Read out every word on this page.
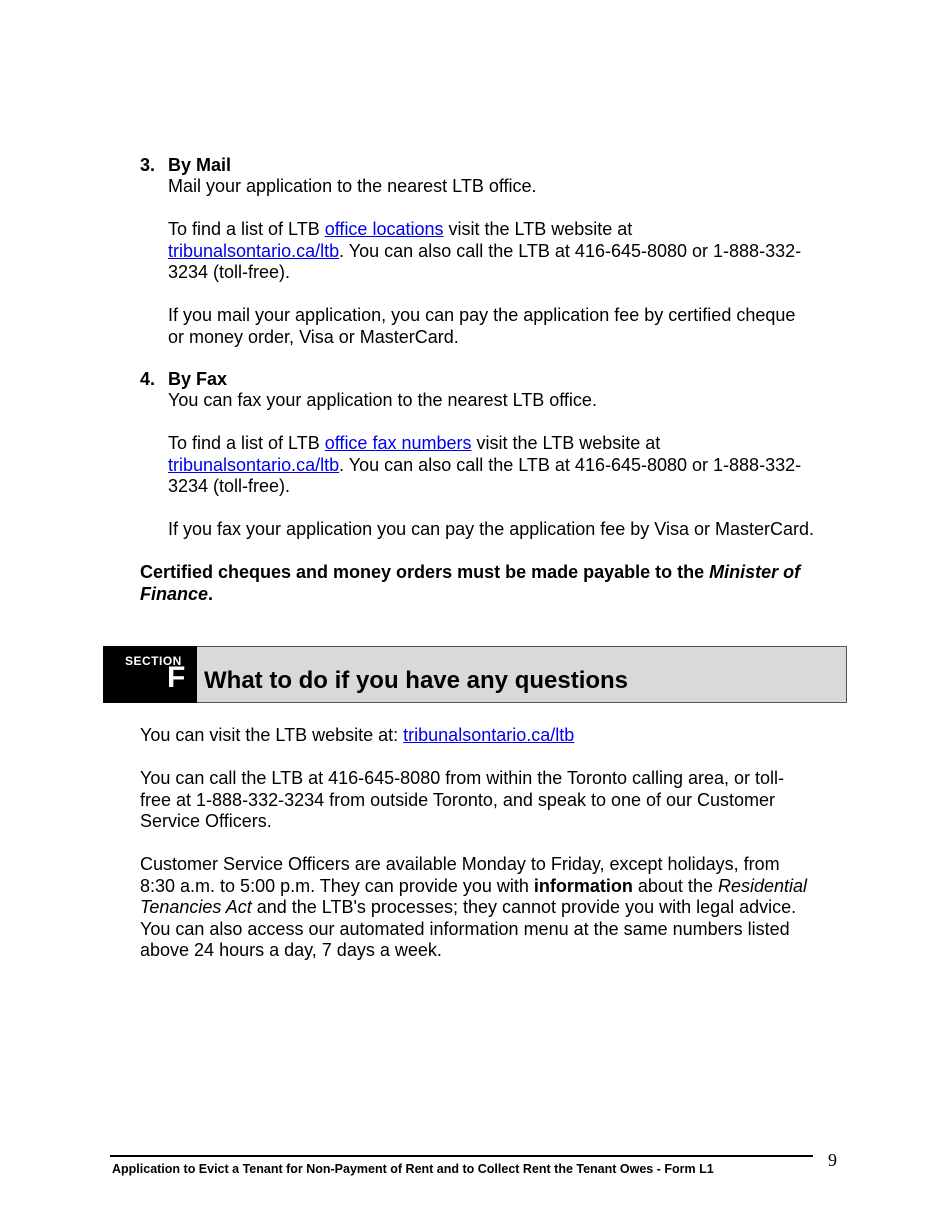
3. By Mail
Mail your application to the nearest LTB office.
To find a list of LTB office locations visit the LTB website at
tribunalsontario.ca/ltb. You can also call the LTB at 416-645-8080 or 1-888-332-
3234 (toll-free).
If you mail your application, you can pay the application fee by certified cheque
or money order, Visa or MasterCard.
4. By Fax
You can fax your application to the nearest LTB office.
To find a list of LTB office fax numbers visit the LTB website at
tribunalsontario.ca/ltb. You can also call the LTB at 416-645-8080 or 1-888-332-
3234 (toll-free).
If you fax your application you can pay the application fee by Visa or MasterCard.
Certified cheques and money orders must be made payable to the Minister of
Finance.
SECTION
F What to do if you have any questions
You can visit the LTB website at: tribunalsontario.ca/ltb
You can call the LTB at 416-645-8080 from within the Toronto calling area, or toll-
free at 1-888-332-3234 from outside Toronto, and speak to one of our Customer
Service Officers.
Customer Service Officers are available Monday to Friday, except holidays, from
8:30 a.m. to 5:00 p.m. They can provide you with information about the Residential
Tenancies Act and the LTB's processes; they cannot provide you with legal advice.
You can also access our automated information menu at the same numbers listed
above 24 hours a day, 7 days a week.
Application to Evict a Tenant for Non-Payment of Rent and to Collect Rent the Tenant Owes - Form L1	9
